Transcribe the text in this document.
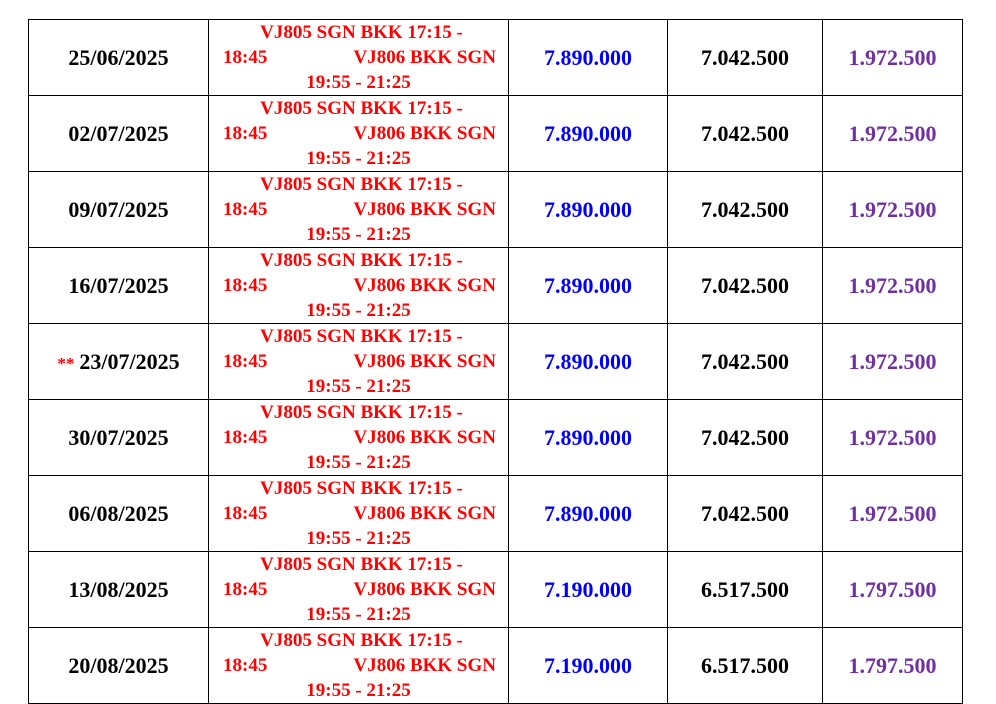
25/06/2025	VJ805 SGN BKK 17:15 -
18:45 VJ806 BKK SGN
19:55 - 21:25	7.890.000	7.042.500	1.972.500
02/07/2025	VJ805 SGN BKK 17:15 -
18:45 VJ806 BKK SGN
19:55 - 21:25	7.890.000	7.042.500	1.972.500
09/07/2025	VJ805 SGN BKK 17:15 -
18:45 VJ806 BKK SGN
19:55 - 21:25	7.890.000	7.042.500	1.972.500
16/07/2025	VJ805 SGN BKK 17:15 -
18:45 VJ806 BKK SGN
19:55 - 21:25	7.890.000	7.042.500	1.972.500
** 23/07/2025	VJ805 SGN BKK 17:15 -
18:45 VJ806 BKK SGN
19:55 - 21:25	7.890.000	7.042.500	1.972.500
30/07/2025	VJ805 SGN BKK 17:15 -
18:45 VJ806 BKK SGN
19:55 - 21:25	7.890.000	7.042.500	1.972.500
06/08/2025	VJ805 SGN BKK 17:15 -
18:45 VJ806 BKK SGN
19:55 - 21:25	7.890.000	7.042.500	1.972.500
13/08/2025	VJ805 SGN BKK 17:15 -
18:45 VJ806 BKK SGN
19:55 - 21:25	7.190.000	6.517.500	1.797.500
20/08/2025	VJ805 SGN BKK 17:15 -
18:45 VJ806 BKK SGN
19:55 - 21:25	7.190.000	6.517.500	1.797.500
